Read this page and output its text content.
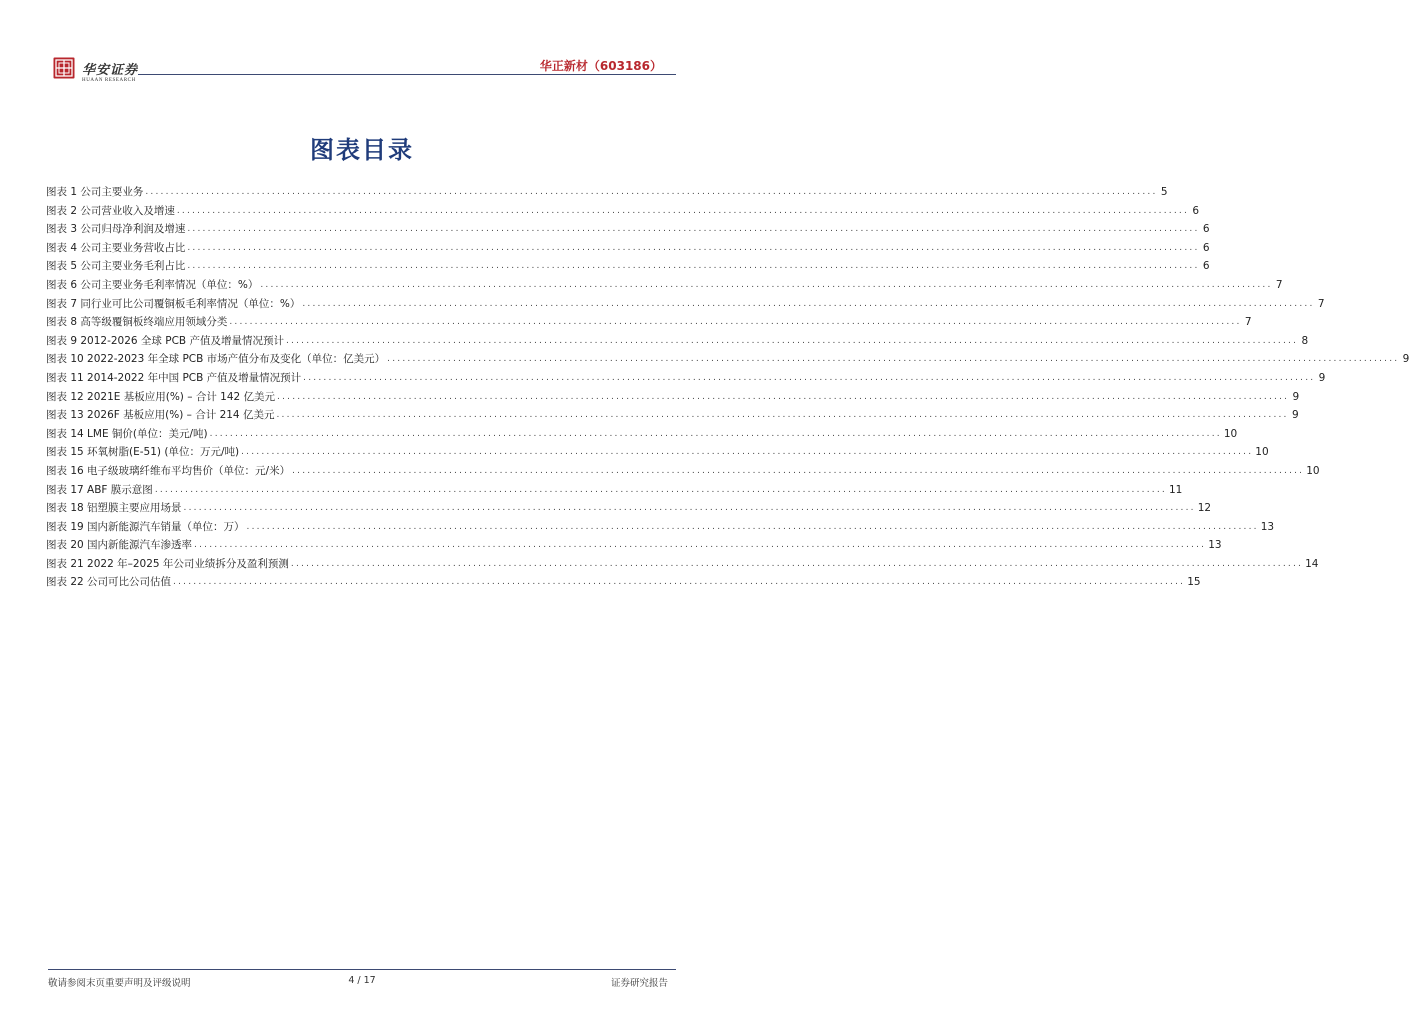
华安证券
HUAAN RESEARCH
华正新材（603186）
图表目录
图表 1 公司主要业务 ........................................................................................................................................................................................................ 5
图表 2 公司营业收入及增速 ........................................................................................................................................................................................................ 6
图表 3 公司归母净利润及增速 ........................................................................................................................................................................................................ 6
图表 4 公司主要业务营收占比 ........................................................................................................................................................................................................ 6
图表 5 公司主要业务毛利占比 ........................................................................................................................................................................................................ 6
图表 6 公司主要业务毛利率情况（单位：%） ........................................................................................................................................................................................................ 7
图表 7 同行业可比公司覆铜板毛利率情况（单位：%） ........................................................................................................................................................................................................ 7
图表 8 高等级覆铜板终端应用领域分类 ........................................................................................................................................................................................................ 7
图表 9 2012-2026 全球 PCB 产值及增量情况预计 ........................................................................................................................................................................................................ 8
图表 10 2022-2023 年全球 PCB 市场产值分布及变化（单位：亿美元） ........................................................................................................................................................................................................ 9
图表 11 2014-2022 年中国 PCB 产值及增量情况预计 ........................................................................................................................................................................................................ 9
图表 12 2021E 基板应用(%) – 合计 142 亿美元 ........................................................................................................................................................................................................ 9
图表 13 2026F 基板应用(%) – 合计 214 亿美元 ........................................................................................................................................................................................................ 9
图表 14 LME 铜价(单位：美元/吨) ........................................................................................................................................................................................................ 10
图表 15 环氧树脂(E-51) (单位：万元/吨) ........................................................................................................................................................................................................ 10
图表 16 电子级玻璃纤维布平均售价（单位：元/米） ........................................................................................................................................................................................................ 10
图表 17 ABF 膜示意图 ........................................................................................................................................................................................................ 11
图表 18 铝塑膜主要应用场景 ........................................................................................................................................................................................................ 12
图表 19 国内新能源汽车销量（单位：万） ........................................................................................................................................................................................................ 13
图表 20 国内新能源汽车渗透率 ........................................................................................................................................................................................................ 13
图表 21 2022 年–2025 年公司业绩拆分及盈利预测 ........................................................................................................................................................................................................ 14
图表 22 公司可比公司估值 ........................................................................................................................................................................................................ 15
敬请参阅末页重要声明及评级说明	4 / 17	证券研究报告
